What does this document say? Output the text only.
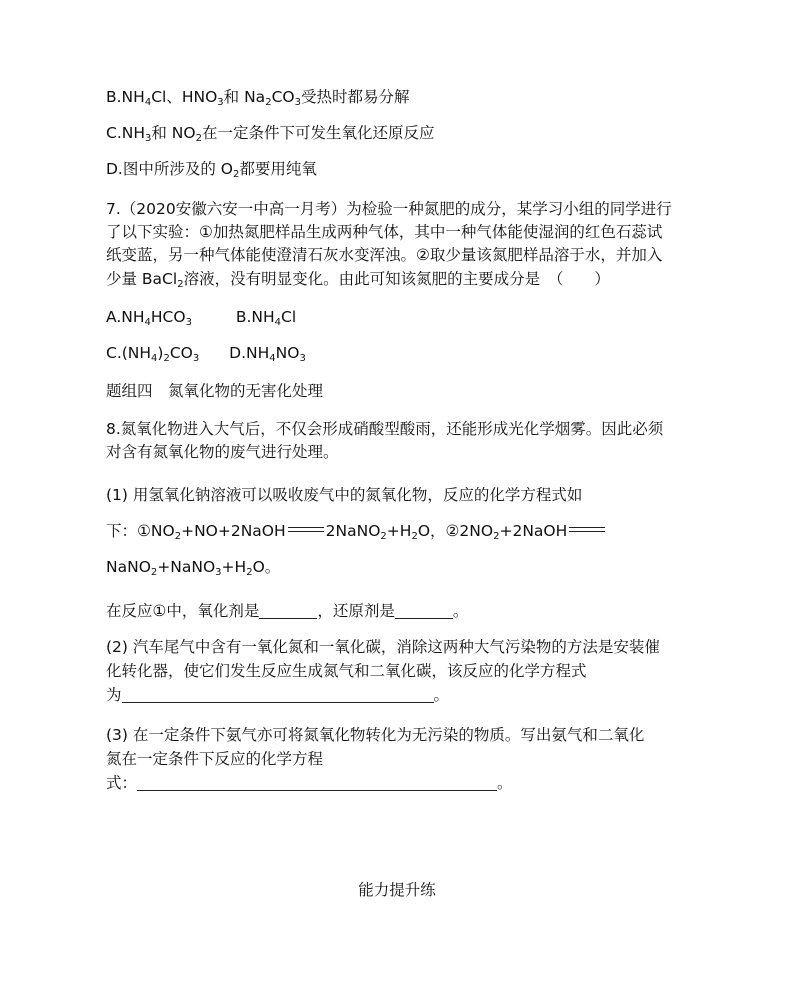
$B.NH_4Cl$、$HNO_3$和 $Na_2CO_3$受热时都易分解
$C.NH_3$和 $NO_2$在一定条件下可发生氧化还原反应
D.图中所涉及的 $O_2$都要用纯氧
7.（2020安徽六安一中高一月考）为检验一种氮肥的成分，某学习小组的同学进行
了以下实验：①加热氮肥样品生成两种气体，其中一种气体能使湿润的红色石蕊试
纸变蓝，另一种气体能使澄清石灰水变浑浊。②取少量该氮肥样品溶于水，并加入
少量 BaCl$_2$溶液，没有明显变化。由此可知该氮肥的主要成分是　（　　）
$A.NH_4HCO_3$	$B.NH_4Cl$
$C.(NH_4)_2CO_3$ $D.NH_4NO_3$
题组四　氮氧化物的无害化处理
8.氮氧化物进入大气后，不仅会形成硝酸型酸雨，还能形成光化学烟雾。因此必须
对含有氮氧化物的废气进行处理。
(1) 用氢氧化钠溶液可以吸收废气中的氮氧化物，反应的化学方程式如
下：$①NO_2+NO+2NaOH$	$2NaNO_2+H_2O$，$②2NO_2+2NaOH$
$NaNO_2+NaNO_3+H_2O$。
在反应①中，氧化剂是	，还原剂是	。
(2) 汽车尾气中含有一氧化氮和一氧化碳，消除这两种大气污染物的方法是安装催
化转化器，使它们发生反应生成氮气和二氧化碳，该反应的化学方程式
为	。
(3) 在一定条件下氨气亦可将氮氧化物转化为无污染的物质。写出氨气和二氧化
氮在一定条件下反应的化学方程
式：	。
能力提升练
